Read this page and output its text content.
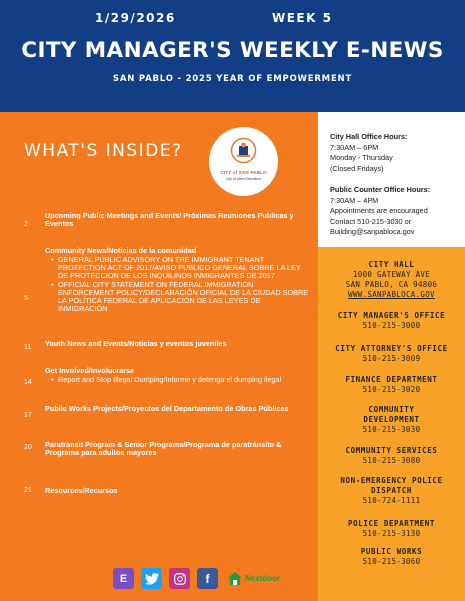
1/29/2026	WEEK 5
CITY MANAGER'S WEEKLY E-NEWS
SAN PABLO - 2025 YEAR OF EMPOWERMENT
WHAT'S INSIDE?
CITY of SAN PABLO
City of New Directions
2
Upcoming Public Meetings and Events/ Próximas Reuniones Publicas y Eventos
5
Community News/Noticias de la comunidad
• GENERAL PUBLIC ADVISORY ON THE IMMIGRANT TENANT PROTECTION ACT OF 2017/AVISO PUBLICO GENERAL SOBRE LA LEY DE PROTECCION DE LOS INQUILINOS INMIGRANTES DE 2017
• OFFICIAL CITY STATEMENT ON FEDERAL IMMIGRATION ENFORCEMENT POLICY/DECLARACIÓN OFICIAL DE LA CIUDAD SOBRE LA POLÍTICA FEDERAL DE APLICACIÓN DE LAS LEYES DE INMIGRACIÓN
11 Youth News and Events/Noticias y eventos juveniles
14
Get Involved/Involucrarse
• Report and Stop Illegal Dumping/Informe y detenga el dumping ilegal
17
Public Works Projects/Proyectos del Departamento de Obras Públicas
20 Paratransit Program & Senior Programs/Programa de paratránsito & Programa para adultos mayores
21 Resources/Recursos
E	f	Nextdoor
City Hall Office Hours:
7:30AM – 6PM
Monday - Thursday
(Closed Fridays)
Public Counter Office Hours:
7:30AM – 4PM
Appointments are encouraged
Contact 510-215-3030 or
Building@sanpabloca.gov
CITY HALL
1000 GATEWAY AVE
SAN PABLO, CA 94806
WWW.SANPABLOCA.GOV
CITY MANAGER'S OFFICE
510-215-3000
CITY ATTORNEY'S OFFICE
510-215-3009
FINANCE DEPARTMENT
510-215-3020
COMMUNITY DEVELOPMENT
510-215-3030
COMMUNITY SERVICES
510-215-3080
NON-EMERGENCY POLICE DISPATCH
510-724-1111
POLICE DEPARTMENT
510-215-3130
PUBLIC WORKS
510-215-3060
